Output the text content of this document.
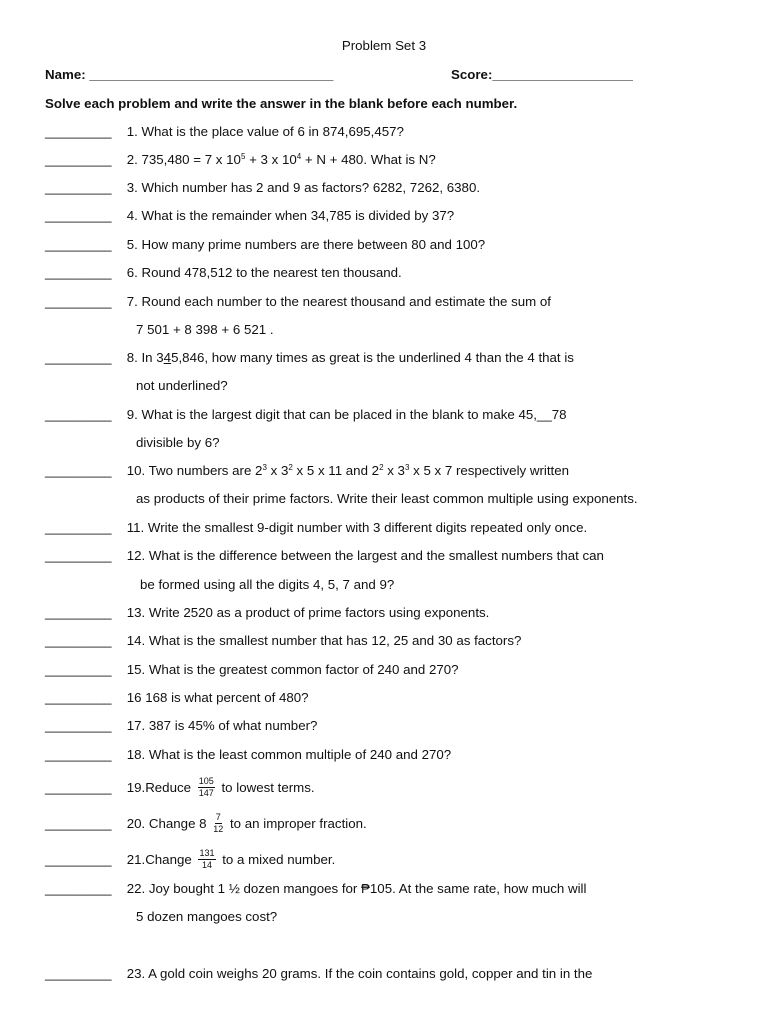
Problem Set 3
Name: _________________________________	Score:___________________
Solve each problem and write the answer in the blank before each number.
_________ 1. What is the place value of 6 in 874,695,457?
_________ 2. 735,480 = 7 x $10^5 + 3$ x $10^4 + N + 480$. What is N?
_________ 3. Which number has 2 and 9 as factors? 6282, 7262, 6380.
_________ 4. What is the remainder when 34,785 is divided by 37?
_________ 5. How many prime numbers are there between 80 and 100?
_________ 6. Round 478,512 to the nearest ten thousand.
_________ 7. Round each number to the nearest thousand and estimate the sum of
7 501 + 8 398 + 6 521 .
_________ 8. In 345,846, how many times as great is the underlined 4 than the 4 that is
not underlined?
_________ 9. What is the largest digit that can be placed in the blank to make 45,__78
divisible by 6?
_________ 10. Two numbers are $2^3$ x $3^2$ x 5 x 11 and $2^2$ x $3^3$ x 5 x 7 respectively written
as products of their prime factors. Write their least common multiple using exponents.
_________ 11. Write the smallest 9-digit number with 3 different digits repeated only once.
_________ 12. What is the difference between the largest and the smallest numbers that can
be formed using all the digits 4, 5, 7 and 9?
_________ 13. Write 2520 as a product of prime factors using exponents.
_________ 14. What is the smallest number that has 12, 25 and 30 as factors?
_________ 15. What is the greatest common factor of 240 and 270?
_________ 16 168 is what percent of 480?
_________ 17. 387 is 45% of what number?
_________ 18. What is the least common multiple of 240 and 270?
_________ 19.Reduce $\frac{105}{147}$ to lowest terms.
_________ 20. Change $8 \frac{7}{12}$ to an improper fraction.
_________ 21.Change $\frac{131}{14}$ to a mixed number.
_________ 22. Joy bought 1 ½ dozen mangoes for ₱105. At the same rate, how much will
5 dozen mangoes cost?
_________ 23. A gold coin weighs 20 grams. If the coin contains gold, copper and tin in the
